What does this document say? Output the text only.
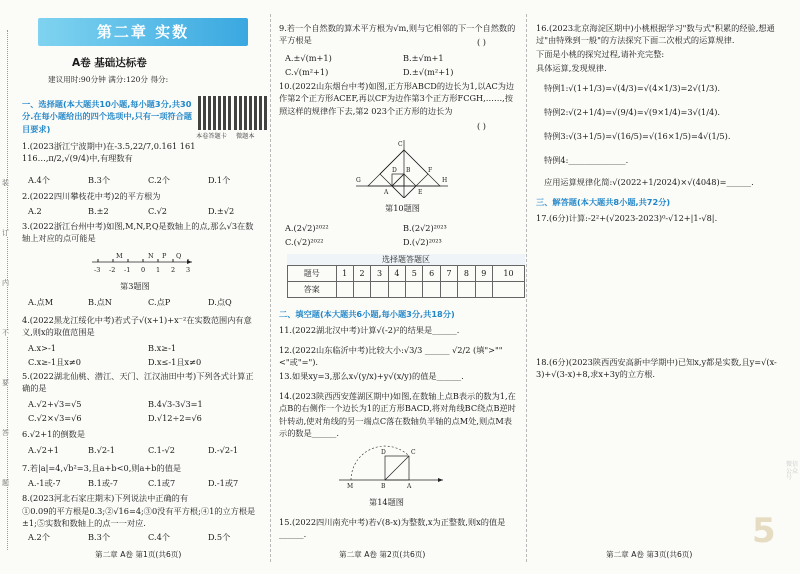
装
订
内
不
要
答
题
第二章 实数
A卷 基础达标卷
建议用时:90分钟 满分:120分 得分:
本卷答题卡 微题本
一、选择题(本大题共10小题,每小题3分,共30分.在每小题给出的四个选项中,只有一项符合题目要求)
1.(2023浙江宁波期中)在-3.5,22/7,0.161 161 116…,π/2,√(9/4)中,有理数有
A.4个	B.3个	C.2个	D.1个
2.(2022四川攀枝花中考)2的平方根为
A.2	B.±2	C.√2	D.±√2
3.(2022浙江台州中考)如图,M,N,P,Q是数轴上的点,那么√3在数轴上对应的点可能是
-3 -2 -1 0 1 2 3
M	N P Q
第3题图
A.点M	B.点N	C.点P	D.点Q
4.(2022黑龙江绥化中考)若式子√(x+1)+x⁻²在实数范围内有意义,则x的取值范围是
A.x>-1	B.x≥-1
C.x≥-1且x≠0	D.x≤-1且x≠0
5.(2022湖北仙桃、潜江、天门、江汉油田中考)下列各式计算正确的是
A.√2+√3=√5	B.4√3-3√3=1
C.√2×√3=√6	D.√12÷2=√6
6.√2+1的倒数是
A.√2+1	B.√2-1	C.1-√2	D.-√2-1
7.若|a|=4,√b²=3,且a+b<0,则a+b的值是
A.-1或-7	B.1或-7	C.1或7	D.-1或7
8.(2023河北石家庄期末)下列说法中正确的有
①0.09的平方根是0.3;②√16=4;③0没有平方根;④1的立方根是±1;⑤实数和数轴上的点一一对应.
A.2个	B.3个	C.4个	D.5个
第二章 A卷 第1页(共6页)
9.若一个自然数的算术平方根为√m,则与它相邻的下一个自然数的平方根是	( )
A.±√(m+1)	B.±√m+1
C.√(m²+1)	D.±√(m²+1)
10.(2022山东烟台中考)如图,正方形ABCD的边长为1,以AC为边作第2个正方形ACEF,再以CF为边作第3个正方形FCGH,……,按照这样的规律作下去,第2 023个正方形的边长为
( )
A
B
C
D
E
F
G	H
第10题图
A.(2√2)²⁰²²	B.(2√2)²⁰²³
C.(√2)²⁰²²	D.(√2)²⁰²³
二、填空题(本大题共6小题,每小题3分,共18分)
11.(2022湖北汉中考)计算√(-2)²的结果是______.
12.(2022山东临沂中考)比较大小:√3/3 ______ √2/2 (填">""<"或"=").
13.如果xy=3,那么x√(y/x)+y√(x/y)的值是______.
14.(2023陕西西安莲湖区期中)如图,在数轴上点B表示的数为1,在点B的右侧作一个边长为1的正方形BACD,将对角线BC绕点B逆时针转动,使对角线的另一端点C落在数轴负半轴的点M处,则点M表示的数是______.
M	B	A
C
D
第14题图
15.(2022四川南充中考)若√(8-x)为整数,x为正整数,则x的值是______.
第二章 A卷 第2页(共6页)
选择题答题区
题号	1	2	3	4	5	6	7	8	9	10
答案										
16.(2023北京海淀区期中)小桃根据学习"数与式"积累的经验,想通过"由特殊到一般"的方法探究下面二次根式的运算规律.
下面是小桃的探究过程,请补充完整:
具体运算,发现规律.
特例1:√(1+1/3)=√(4/3)=√(4×1/3)=2√(1/3).
特例2:√(2+1/4)=√(9/4)=√(9×1/4)=3√(1/4).
特例3:√(3+1/5)=√(16/5)=√(16×1/5)=4√(1/5).
特例4:______________.
应用运算规律化简:√(2022+1/2024)×√(4048)=______.
三、解答题(本大题共8小题,共72分)
17.(6分)计算:-2²+(√2023-2023)⁰-√12+|1-√8|.
18.(6分)(2023陕西西安高新中学期中)已知x,y都是实数,且y=√(x-3)+√(3-x)+8,求x+3y的立方根.
第二章 A卷 第3页(共6页)
5
微信公众号
